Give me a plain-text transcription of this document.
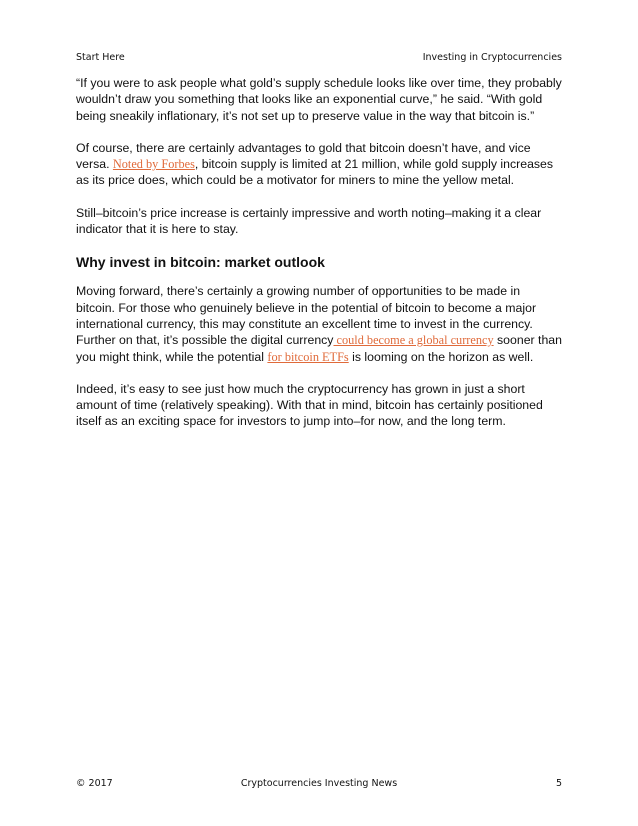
Start Here	Investing in Cryptocurrencies

“If you were to ask people what gold’s supply schedule looks like over time, they probably wouldn’t draw you something that looks like an exponential curve,” he said. “With gold being sneakily inflationary, it’s not set up to preserve value in the way that bitcoin is.”

Of course, there are certainly advantages to gold that bitcoin doesn’t have, and vice versa. Noted by Forbes, bitcoin supply is limited at 21 million, while gold supply increases as its price does, which could be a motivator for miners to mine the yellow metal.

Still–bitcoin’s price increase is certainly impressive and worth noting–making it a clear indicator that it is here to stay.

Why invest in bitcoin: market outlook

Moving forward, there’s certainly a growing number of opportunities to be made in bitcoin. For those who genuinely believe in the potential of bitcoin to become a major international currency, this may constitute an excellent time to invest in the currency. Further on that, it’s possible the digital currency could become a global currency sooner than you might think, while the potential for bitcoin ETFs is looming on the horizon as well.

Indeed, it’s easy to see just how much the cryptocurrency has grown in just a short amount of time (relatively speaking). With that in mind, bitcoin has certainly positioned itself as an exciting space for investors to jump into–for now, and the long term.

© 2017	Cryptocurrencies Investing News	5
